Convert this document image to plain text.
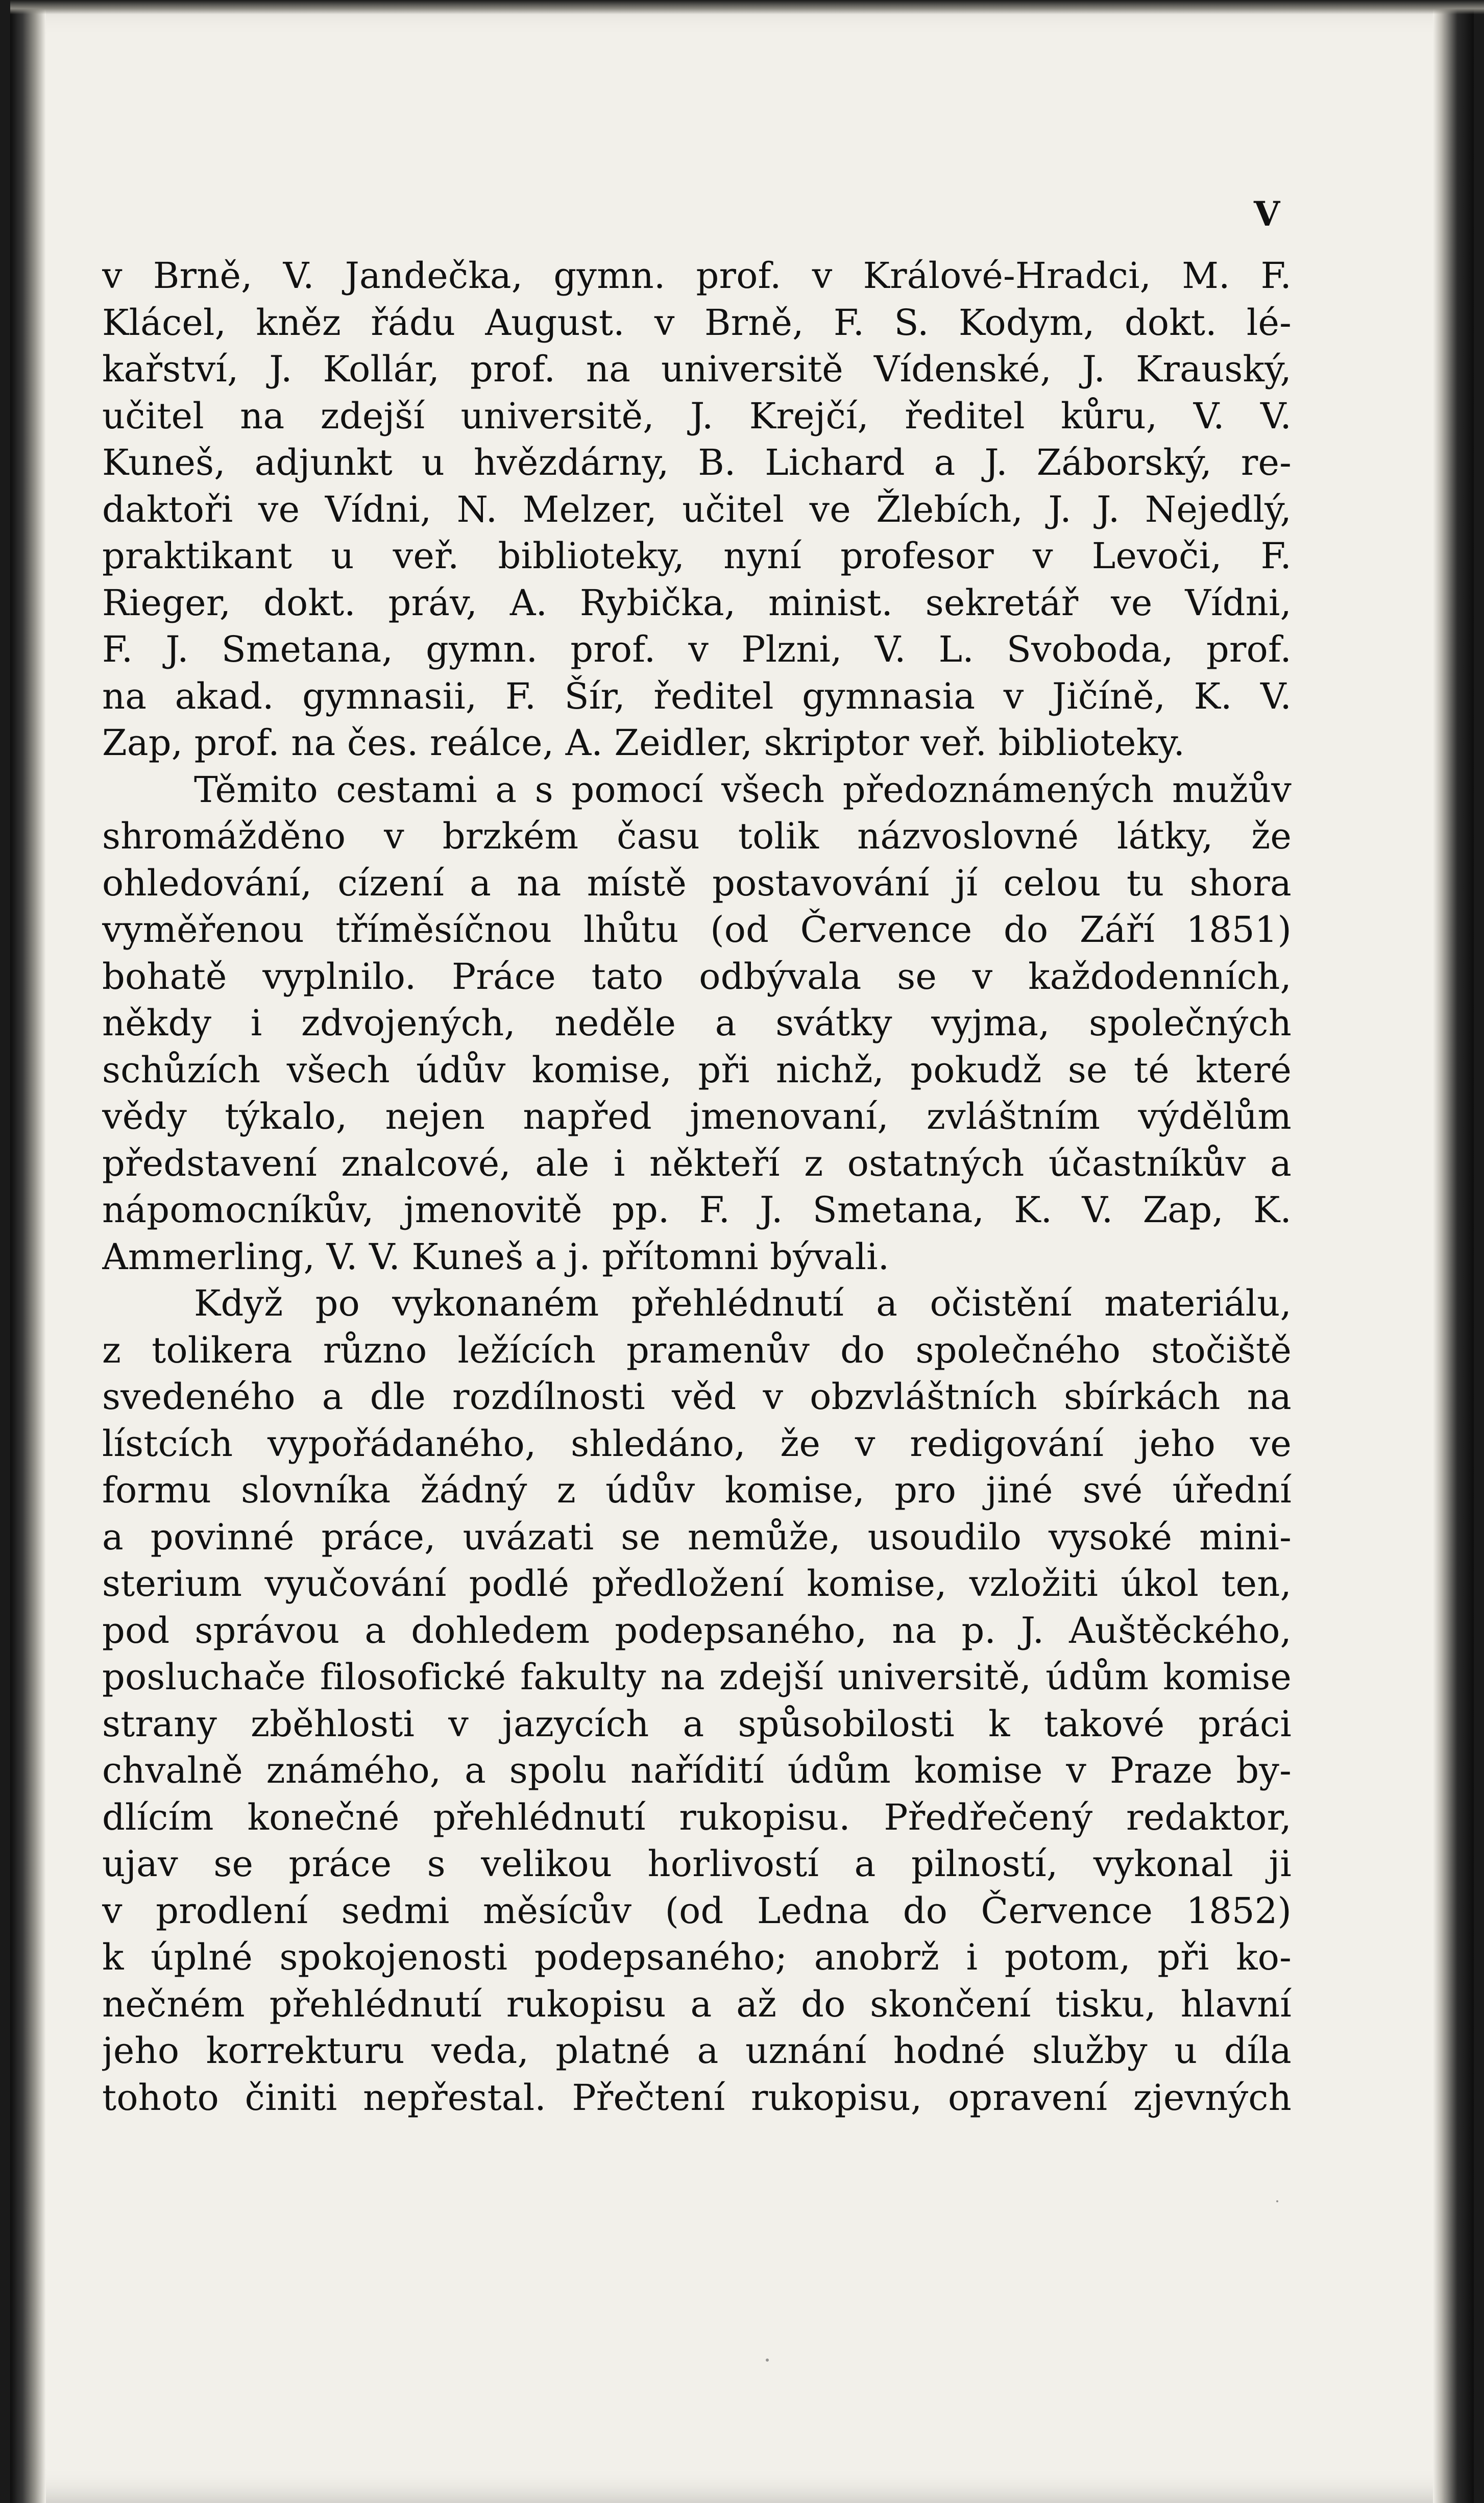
V
v Brně, V. Jandečka, gymn. prof. v Králové-Hradci, M. F.
Klácel, kněz řádu August. v Brně, F. S. Kodym, dokt. lé-
kařství, J. Kollár, prof. na universitě Vídenské, J. Krauský,
učitel na zdejší universitě, J. Krejčí, ředitel kůru, V. V.
Kuneš, adjunkt u hvězdárny, B. Lichard a J. Záborský, re-
daktoři ve Vídni, N. Melzer, učitel ve Žlebích, J. J. Nejedlý,
praktikant u veř. biblioteky, nyní profesor v Levoči, F.
Rieger, dokt. práv, A. Rybička, minist. sekretář ve Vídni,
F. J. Smetana, gymn. prof. v Plzni, V. L. Svoboda, prof.
na akad. gymnasii, F. Šír, ředitel gymnasia v Jičíně, K. V.
Zap, prof. na čes. reálce, A. Zeidler, skriptor veř. biblioteky.
Těmito cestami a s pomocí všech předoznámených mužův
shromážděno v brzkém času tolik názvoslovné látky, že
ohledování, cízení a na místě postavování jí celou tu shora
vyměřenou tříměsíčnou lhůtu (od Července do Září 1851)
bohatě vyplnilo. Práce tato odbývala se v každodenních,
někdy i zdvojených, neděle a svátky vyjma, společných
schůzích všech údův komise, při nichž, pokudž se té které
vědy týkalo, nejen napřed jmenovaní, zvláštním výdělům
představení znalcové, ale i někteří z ostatných účastníkův a
nápomocníkův, jmenovitě pp. F. J. Smetana, K. V. Zap, K.
Ammerling, V. V. Kuneš a j. přítomni bývali.
Když po vykonaném přehlédnutí a očistění materiálu,
z tolikera různo ležících pramenův do společného stočiště
svedeného a dle rozdílnosti věd v obzvláštních sbírkách na
lístcích vypořádaného, shledáno, že v redigování jeho ve
formu slovníka žádný z údův komise, pro jiné své úřední
a povinné práce, uvázati se nemůže, usoudilo vysoké mini-
sterium vyučování podlé předložení komise, vzložiti úkol ten,
pod správou a dohledem podepsaného, na p. J. Auštěckého,
posluchače filosofické fakulty na zdejší universitě, údům komise
strany zběhlosti v jazycích a spůsobilosti k takové práci
chvalně známého, a spolu nařídití údům komise v Praze by-
dlícím konečné přehlédnutí rukopisu. Předřečený redaktor,
ujav se práce s velikou horlivostí a pilností, vykonal ji
v prodlení sedmi měsícův (od Ledna do Července 1852)
k úplné spokojenosti podepsaného; anobrž i potom, při ko-
nečném přehlédnutí rukopisu a až do skončení tisku, hlavní
jeho korrekturu veda, platné a uznání hodné služby u díla
tohoto činiti nepřestal. Přečtení rukopisu, opravení zjevných
